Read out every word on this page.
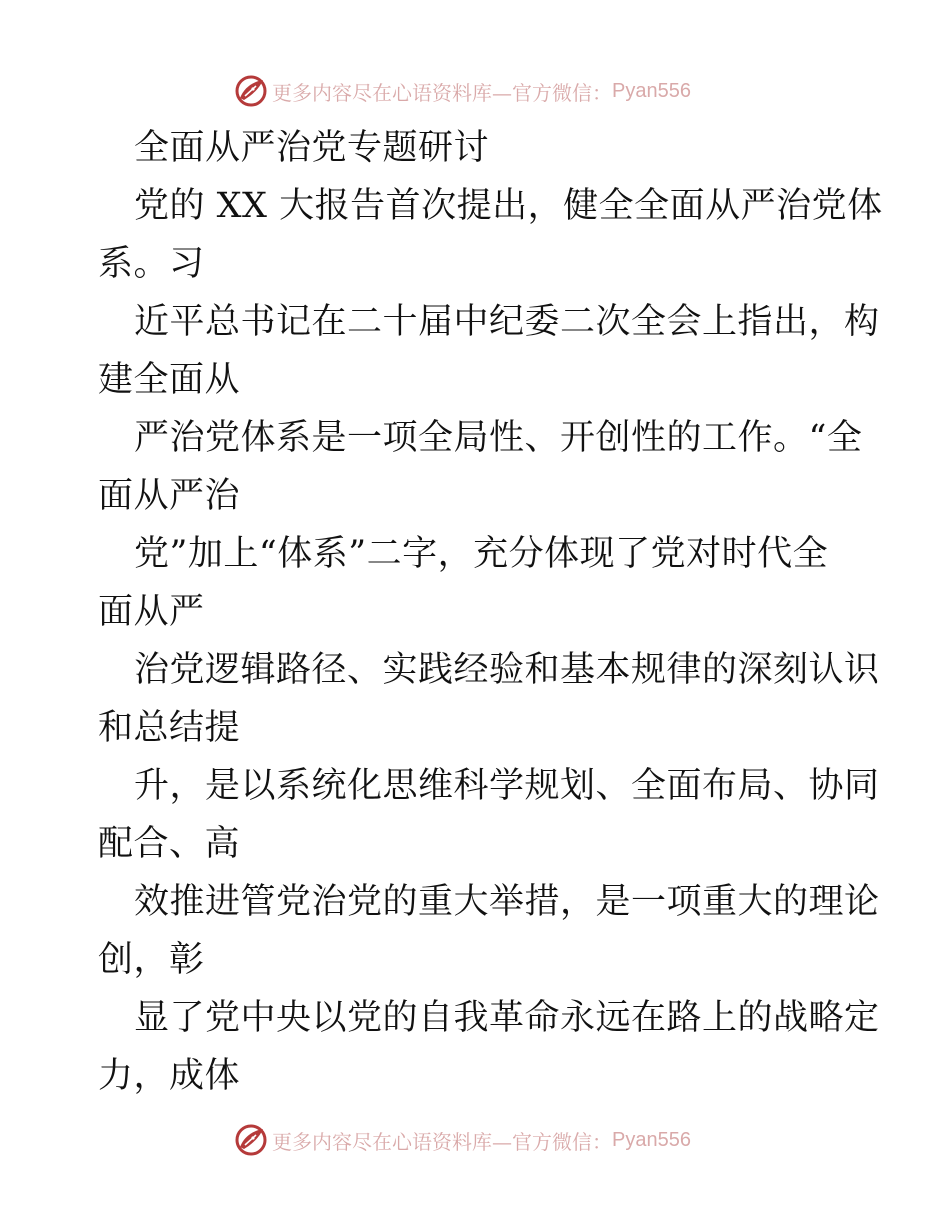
更多内容尽在心语资料库—官方微信： Pyan556
全面从严治党专题研讨
党的 XX 大报告首次提出，健全全面从严治党体
系。习
近平总书记在二十届中纪委二次全会上指出，构
建全面从
严治党体系是一项全局性、开创性的工作。“全
面从严治
党”加上“体系”二字，充分体现了党对时代全
面从严
治党逻辑路径、实践经验和基本规律的深刻认识
和总结提
升，是以系统化思维科学规划、全面布局、协同
配合、高
效推进管党治党的重大举措，是一项重大的理论
创，彰
显了党中央以党的自我革命永远在路上的战略定
力，成体
更多内容尽在心语资料库—官方微信： Pyan556
